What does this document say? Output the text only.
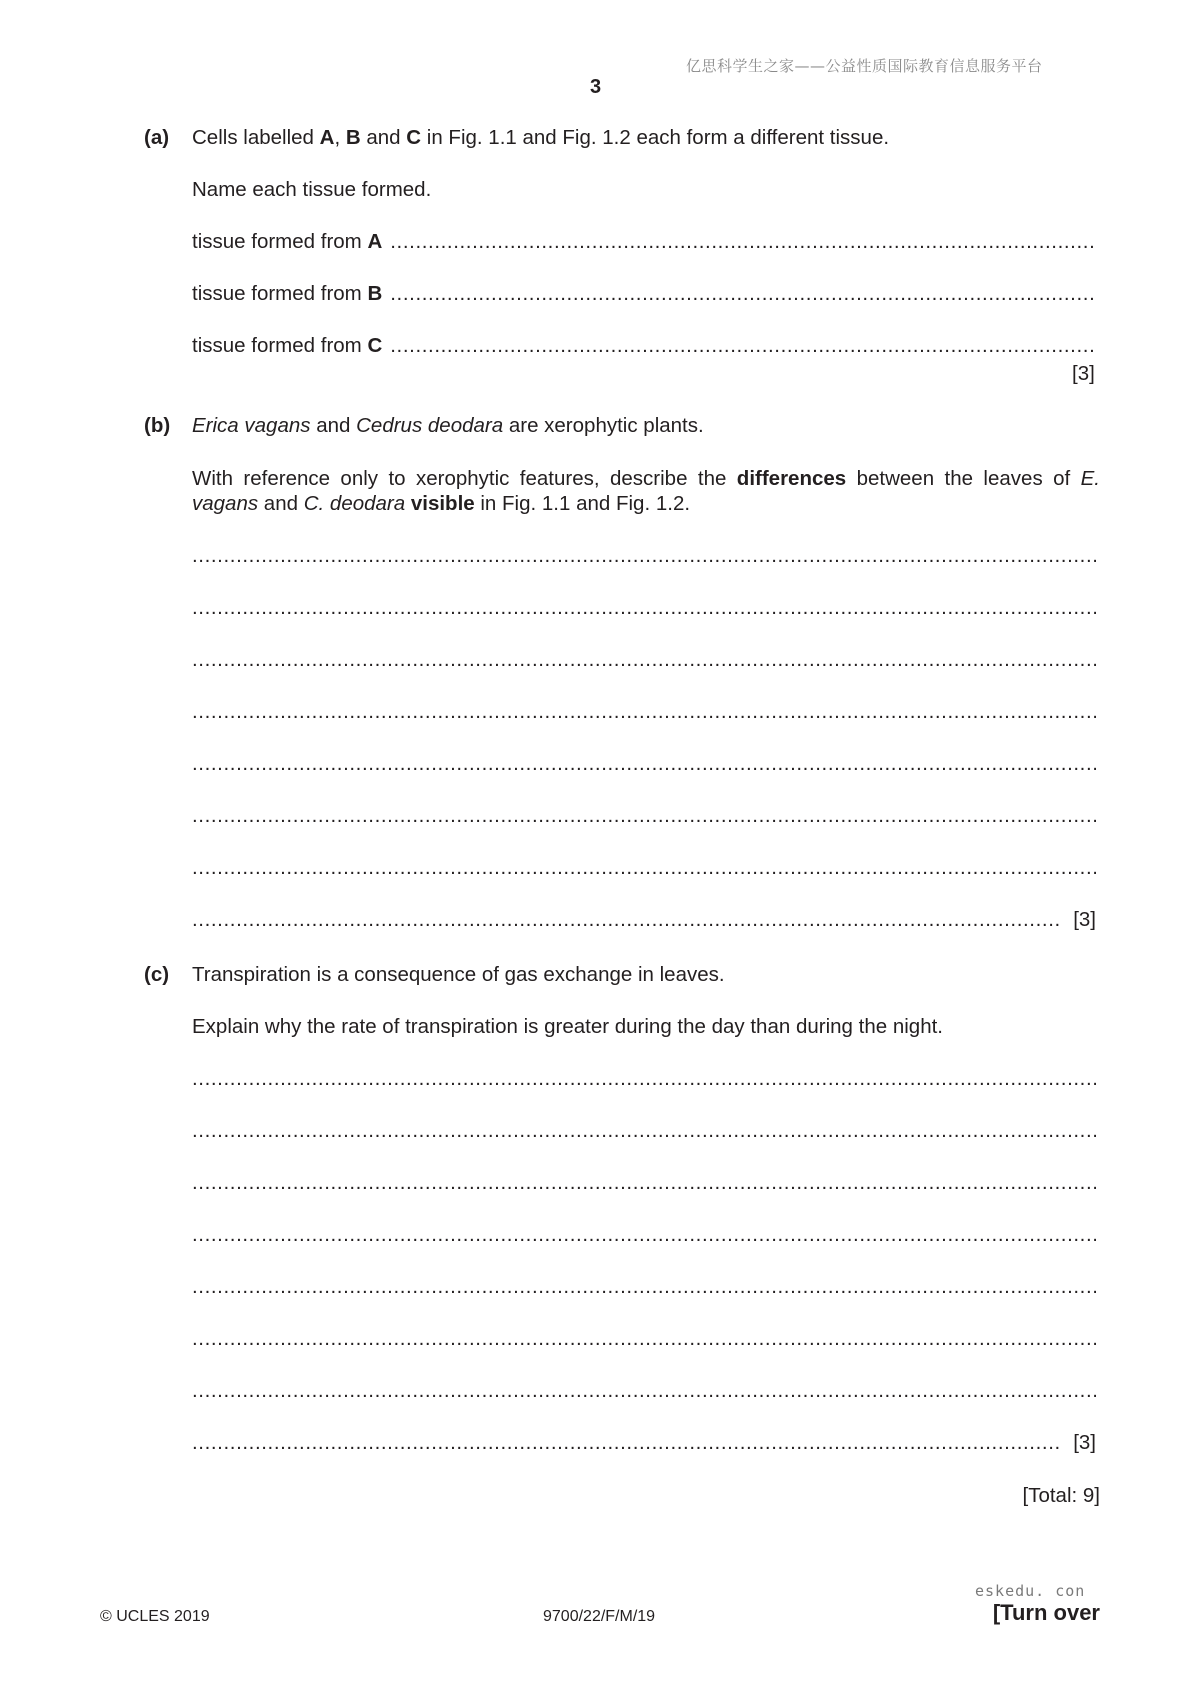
亿思科学生之家——公益性质国际教育信息服务平台
3
(a) Cells labelled A, B and C in Fig. 1.1 and Fig. 1.2 each form a different tissue.
Name each tissue formed.
tissue formed from A
.....
tissue formed from B
.....
tissue formed from C
.....
[3]
(b) Erica vagans and Cedrus deodara are xerophytic plants.
With reference only to xerophytic features, describe the differences between the leaves of E. vagans and C. deodara visible in Fig. 1.1 and Fig. 1.2.
.....
.....
.....
.....
.....
.....
.....
.....
[3]
(c) Transpiration is a consequence of gas exchange in leaves.
Explain why the rate of transpiration is greater during the day than during the night.
.....
.....
.....
.....
.....
.....
.....
.....
[3]
[Total: 9]
eskedu. con
© UCLES 2019	9700/22/F/M/19	[Turn over
